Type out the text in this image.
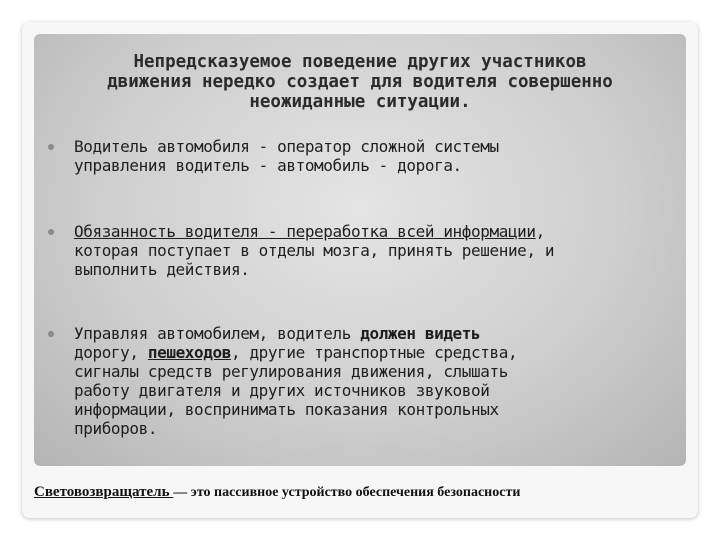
Непредсказуемое поведение других участников
движения нередко создает для водителя совершенно
неожиданные ситуации.
Водитель автомобиля - оператор сложной системы
управления водитель - автомобиль - дорога.
Обязанность водителя - переработка всей информации,
которая поступает в отделы мозга, принять решение, и
выполнить действия.
Управляя автомобилем, водитель должен видеть
дорогу, пешеходов, другие транспортные средства,
сигналы средств регулирования движения, слышать
работу двигателя и других источников звуковой
информации, воспринимать показания контрольных
приборов.
Световозвращатель — это пассивное устройство обеспечения безопасности
